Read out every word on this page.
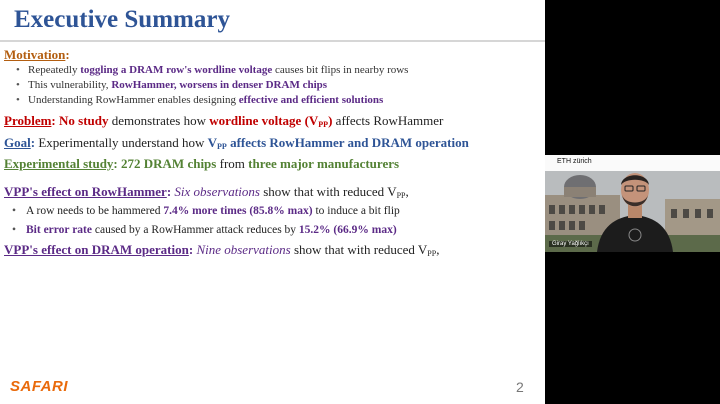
Executive Summary
Motivation:
• Repeatedly toggling a DRAM row's wordline voltage causes bit flips in nearby rows
• This vulnerability, RowHammer, worsens in denser DRAM chips
• Understanding RowHammer enables designing effective and efficient solutions
Problem: No study demonstrates how wordline voltage $(V_{PP})$ affects RowHammer
Goal: Experimentally understand how $V_{PP}$ affects RowHammer and DRAM operation
Experimental study: 272 DRAM chips from three major manufacturers
VPP's effect on RowHammer: Six observations show that with reduced $V_{PP}$,
• A row needs to be hammered 7.4% more times (85.8% max) to induce a bit flip
• Bit error rate caused by a RowHammer attack reduces by 15.2% (66.9% max)
VPP's effect on DRAM operation: Nine observations show that with reduced $V_{PP}$,
SAFARI	2
ETH zürich
Giray Yağlıkçı
